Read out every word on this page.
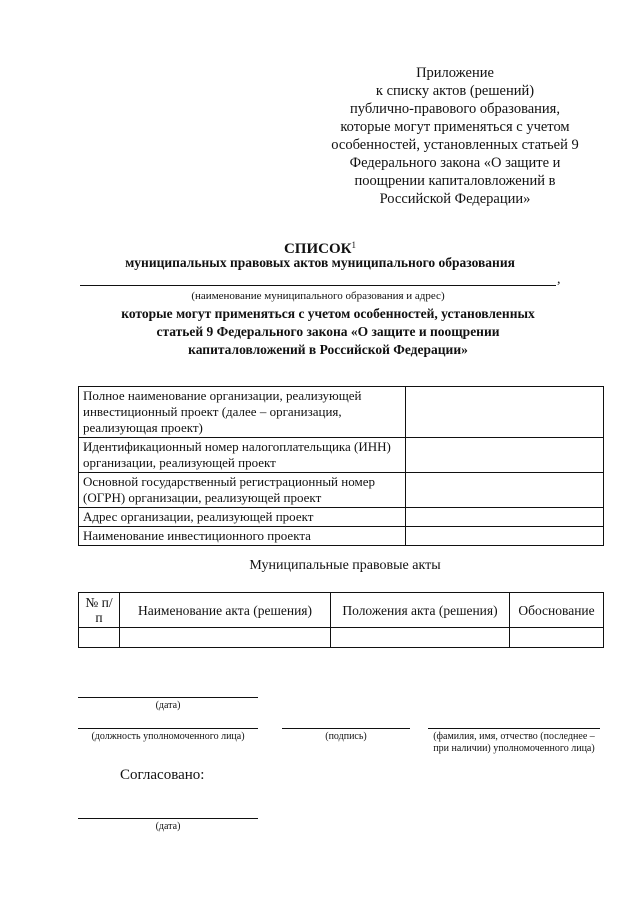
Приложение
к списку актов (решений)
публично-правового образования,
которые могут применяться с учетом
особенностей, установленных статьей 9
Федерального закона «О защите и
поощрении капиталовложений в
Российской Федерации»
СПИСОК$^1$
муниципальных правовых актов муниципального образования
,
(наименование муниципального образования и адрес)
которые могут применяться с учетом особенностей, установленных
статьей 9 Федерального закона «О защите и поощрении
капиталовложений в Российской Федерации»
Полное наименование организации, реализующей инвестиционный проект (далее – организация, реализующая проект)	
Идентификационный номер налогоплательщика (ИНН) организации, реализующей проект	
Основной государственный регистрационный номер (ОГРН) организации, реализующей проект	
Адрес организации, реализующей проект	
Наименование инвестиционного проекта	
Муниципальные правовые акты
№ п/п	Наименование акта (решения)	Положения акта (решения)	Обоснование

(дата)
(должность уполномоченного лица)	(подпись)	(фамилия, имя, отчество (последнее –
при наличии) уполномоченного лица)
Согласовано:
(дата)
